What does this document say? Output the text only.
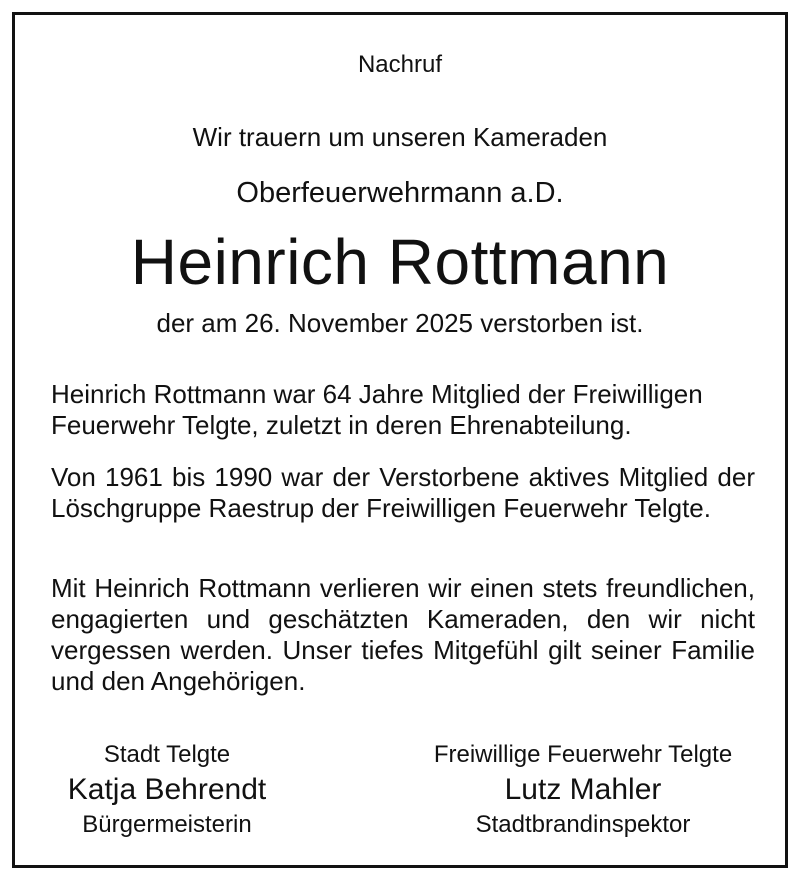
Nachruf
Wir trauern um unseren Kameraden
Oberfeuerwehrmann a.D.
Heinrich Rottmann
der am 26. November 2025 verstorben ist.

Heinrich Rottmann war 64 Jahre Mitglied der Freiwilligen Feuerwehr Telgte, zuletzt in deren Ehrenabteilung.

Von 1961 bis 1990 war der Verstorbene aktives Mitglied der Löschgruppe Raestrup der Freiwilligen Feuerwehr Telgte.

Mit Heinrich Rottmann verlieren wir einen stets freundlichen, engagierten und geschätzten Kameraden, den wir nicht vergessen werden. Unser tiefes Mitgefühl gilt seiner Familie und den Angehörigen.

Stadt Telgte
Katja Behrendt
Bürgermeisterin
Freiwillige Feuerwehr Telgte
Lutz Mahler
Stadtbrandinspektor
